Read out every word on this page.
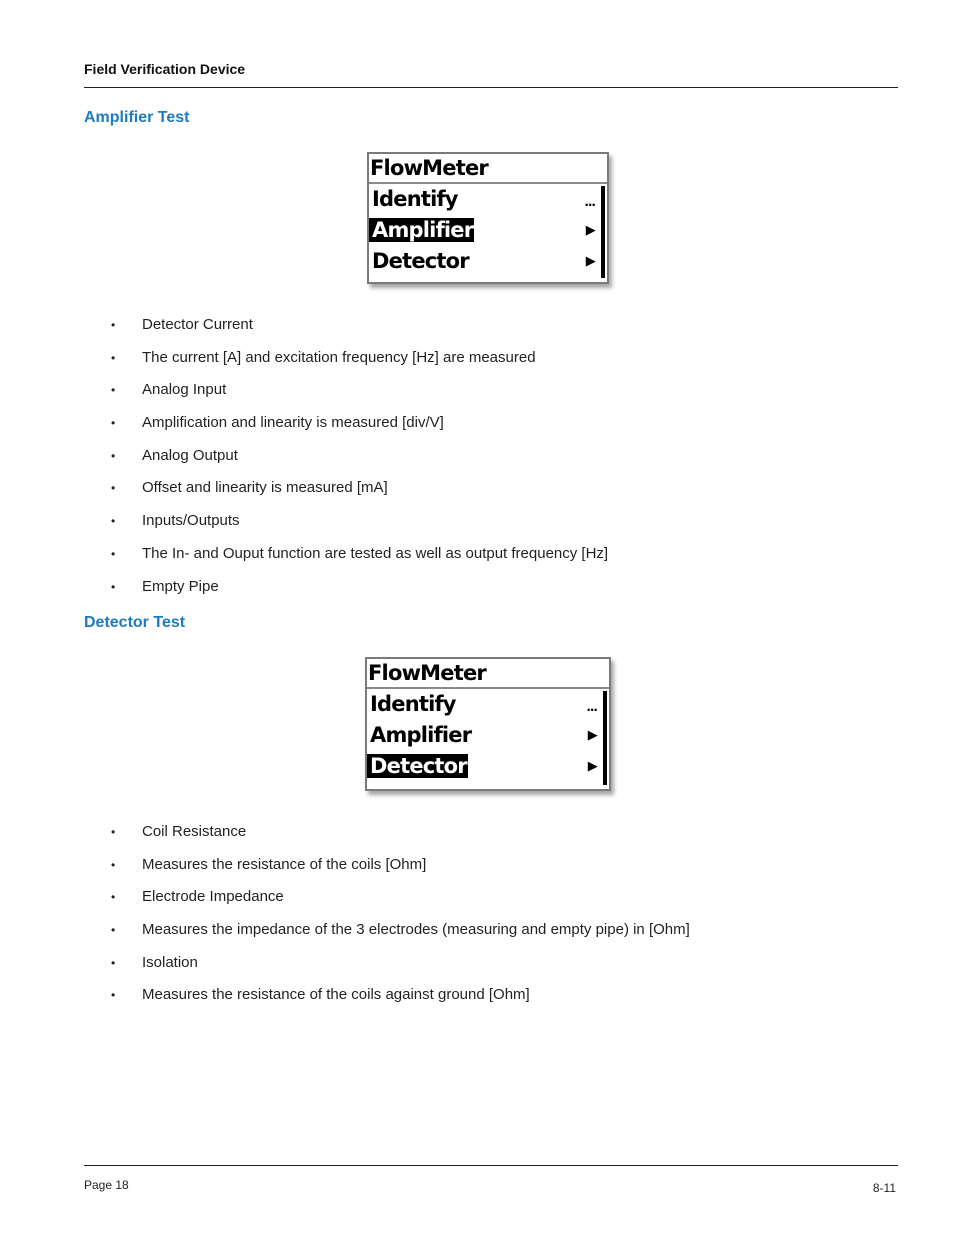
Field Verification Device
Amplifier Test
FlowMeter
Identify	...
Amplifier	▶
Detector	▶
• Detector Current
• The current [A] and excitation frequency [Hz] are measured
• Analog Input
• Amplification and linearity is measured [div/V]
• Analog Output
• Offset and linearity is measured [mA]
• Inputs/Outputs
• The In- and Ouput function are tested as well as output frequency [Hz]
• Empty Pipe
Detector Test
FlowMeter
Identify	...
Amplifier	▶
Detector	▶
• Coil Resistance
• Measures the resistance of the coils [Ohm]
• Electrode Impedance
• Measures the impedance of the 3 electrodes (measuring and empty pipe) in [Ohm]
• Isolation
• Measures the resistance of the coils against ground [Ohm]
Page 18	8-11
